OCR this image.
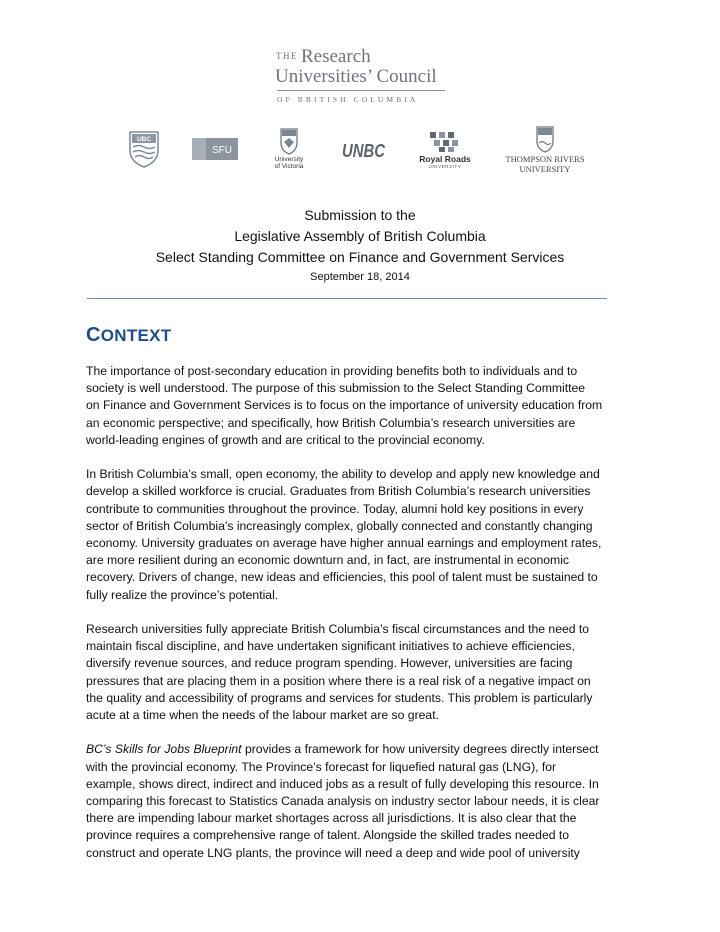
THE Research
Universities’ Council
OF BRITISH COLUMBIA
UBC
SFU
University
of Victoria
UNBC	Royal Roads
UNIVERSITY
THOMPSON RIVERS
UNIVERSITY
Submission to the
Legislative Assembly of British Columbia
Select Standing Committee on Finance and Government Services
September 18, 2014
CONTEXT
The importance of post-secondary education in providing benefits both to individuals and to
society is well understood. The purpose of this submission to the Select Standing Committee
on Finance and Government Services is to focus on the importance of university education from
an economic perspective; and specifically, how British Columbia’s research universities are
world-leading engines of growth and are critical to the provincial economy.
In British Columbia’s small, open economy, the ability to develop and apply new knowledge and
develop a skilled workforce is crucial. Graduates from British Columbia’s research universities
contribute to communities throughout the province. Today, alumni hold key positions in every
sector of British Columbia’s increasingly complex, globally connected and constantly changing
economy. University graduates on average have higher annual earnings and employment rates,
are more resilient during an economic downturn and, in fact, are instrumental in economic
recovery. Drivers of change, new ideas and efficiencies, this pool of talent must be sustained to
fully realize the province’s potential.
Research universities fully appreciate British Columbia’s fiscal circumstances and the need to
maintain fiscal discipline, and have undertaken significant initiatives to achieve efficiencies,
diversify revenue sources, and reduce program spending. However, universities are facing
pressures that are placing them in a position where there is a real risk of a negative impact on
the quality and accessibility of programs and services for students. This problem is particularly
acute at a time when the needs of the labour market are so great.
BC’s Skills for Jobs Blueprint provides a framework for how university degrees directly intersect
with the provincial economy. The Province’s forecast for liquefied natural gas (LNG), for
example, shows direct, indirect and induced jobs as a result of fully developing this resource. In
comparing this forecast to Statistics Canada analysis on industry sector labour needs, it is clear
there are impending labour market shortages across all jurisdictions. It is also clear that the
province requires a comprehensive range of talent. Alongside the skilled trades needed to
construct and operate LNG plants, the province will need a deep and wide pool of university
